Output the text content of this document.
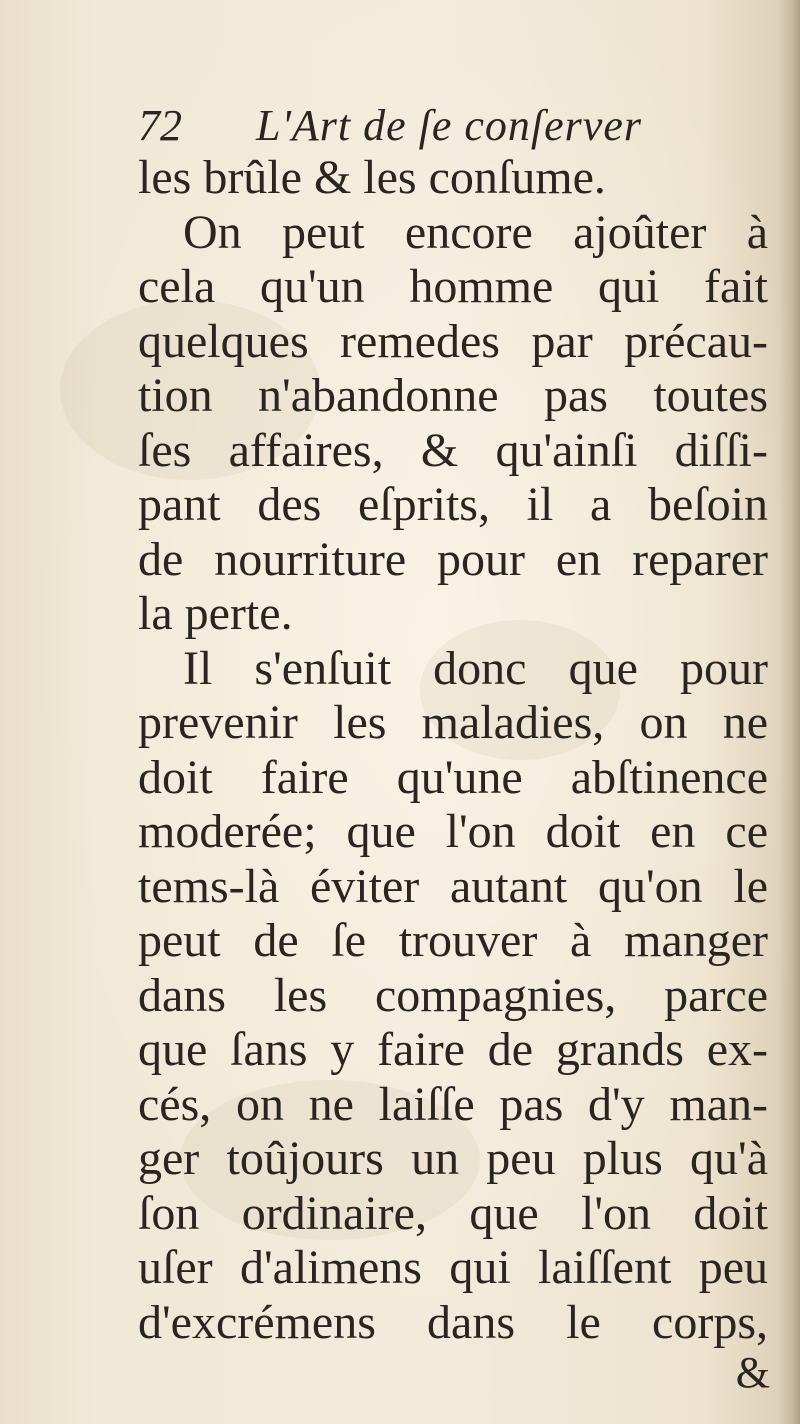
72 L'Art de ſe conſerver
les brûle & les conſume.
On peut encore ajoûter à
cela qu'un homme qui fait
quelques remedes par précau-
tion n'abandonne pas toutes
ſes affaires, & qu'ainſi diſſi-
pant des eſprits, il a beſoin
de nourriture pour en reparer
la perte.
Il s'enſuit donc que pour
prevenir les maladies, on ne
doit faire qu'une abſtinence
moderée; que l'on doit en ce
tems-là éviter autant qu'on le
peut de ſe trouver à manger
dans les compagnies, parce
que ſans y faire de grands ex-
cés, on ne laiſſe pas d'y man-
ger toûjours un peu plus qu'à
ſon ordinaire, que l'on doit
uſer d'alimens qui laiſſent peu
d'excrémens dans le corps,
&
